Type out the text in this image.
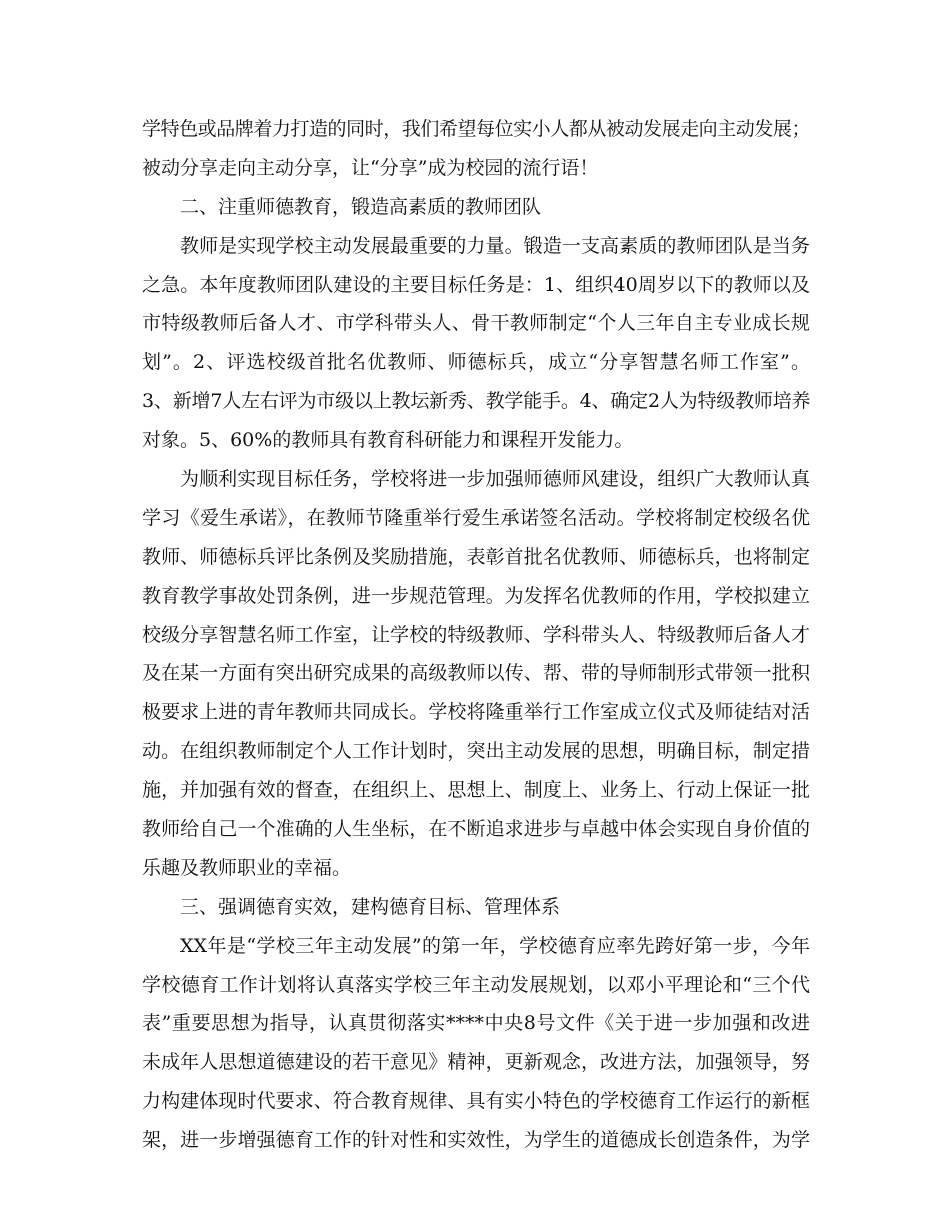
学特色或品牌着力打造的同时，我们希望每位实小人都从被动发展走向主动发展；
被动分享走向主动分享，让“分享”成为校园的流行语！
二、注重师德教育，锻造高素质的教师团队
教师是实现学校主动发展最重要的力量。锻造一支高素质的教师团队是当务
之急。本年度教师团队建设的主要目标任务是：1、组织40周岁以下的教师以及
市特级教师后备人才、市学科带头人、骨干教师制定“个人三年自主专业成长规
划”。2、评选校级首批名优教师、师德标兵，成立“分享智慧名师工作室”。
3、新增7人左右评为市级以上教坛新秀、教学能手。4、确定2人为特级教师培养
对象。5、60%的教师具有教育科研能力和课程开发能力。
为顺利实现目标任务，学校将进一步加强师德师风建设，组织广大教师认真
学习《爱生承诺》，在教师节隆重举行爱生承诺签名活动。学校将制定校级名优
教师、师德标兵评比条例及奖励措施，表彰首批名优教师、师德标兵，也将制定
教育教学事故处罚条例，进一步规范管理。为发挥名优教师的作用，学校拟建立
校级分享智慧名师工作室，让学校的特级教师、学科带头人、特级教师后备人才
及在某一方面有突出研究成果的高级教师以传、帮、带的导师制形式带领一批积
极要求上进的青年教师共同成长。学校将隆重举行工作室成立仪式及师徒结对活
动。在组织教师制定个人工作计划时，突出主动发展的思想，明确目标，制定措
施，并加强有效的督查，在组织上、思想上、制度上、业务上、行动上保证一批
教师给自己一个准确的人生坐标，在不断追求进步与卓越中体会实现自身价值的
乐趣及教师职业的幸福。
三、强调德育实效，建构德育目标、管理体系
XX年是“学校三年主动发展”的第一年，学校德育应率先跨好第一步，今年
学校德育工作计划将认真落实学校三年主动发展规划，以邓小平理论和“三个代
表”重要思想为指导，认真贯彻落实****中央8号文件《关于进一步加强和改进
未成年人思想道德建设的若干意见》精神，更新观念，改进方法，加强领导，努
力构建体现时代要求、符合教育规律、具有实小特色的学校德育工作运行的新框
架，进一步增强德育工作的针对性和实效性，为学生的道德成长创造条件，为学
